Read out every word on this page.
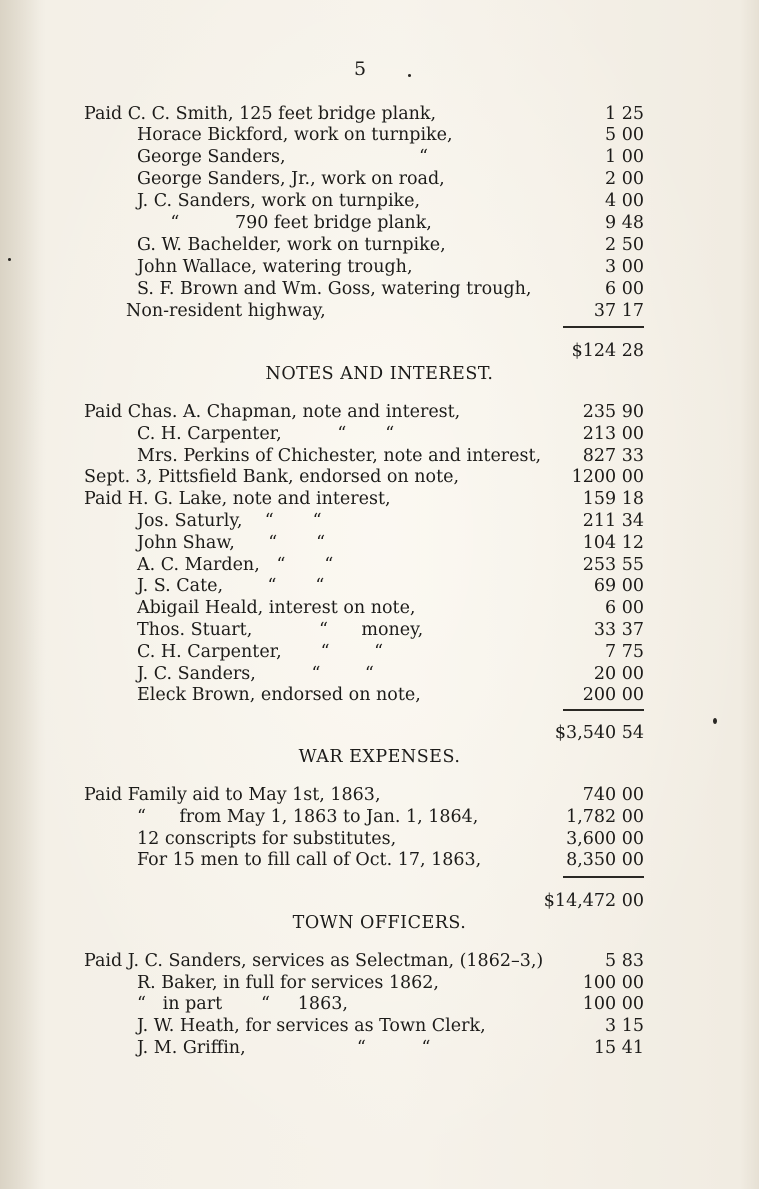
5
Paid C. C. Smith, 125 feet bridge plank,	1 25
Horace Bickford, work on turnpike,	5 00
George Sanders,                        “	1 00
George Sanders, Jr., work on road,	2 00
J. C. Sanders, work on turnpike,	4 00
“          790 feet bridge plank,	9 48
G. W. Bachelder, work on turnpike,	2 50
John Wallace, watering trough,	3 00
S. F. Brown and Wm. Goss, watering trough,	6 00
Non-resident highway,	37 17
$124 28
NOTES AND INTEREST.
Paid Chas. A. Chapman, note and interest,	235 90
C. H. Carpenter,          “       “	213 00
Mrs. Perkins of Chichester, note and interest, 827 33
Sept. 3, Pittsfield Bank, endorsed on note,	1200 00
Paid H. G. Lake, note and interest,	159 18
Jos. Saturly,    “       “	211 34
John Shaw,      “       “	104 12
A. C. Marden,   “       “	253 55
J. S. Cate,        “       “	69 00
Abigail Heald, interest on note,	6 00
Thos. Stuart,            “      money,	33 37
C. H. Carpenter,       “        “	7 75
J. C. Sanders,          “        “	20 00
Eleck Brown, endorsed on note,	200 00
$3,540 54
WAR EXPENSES.
Paid Family aid to May 1st, 1863,	740 00
“      from May 1, 1863 to Jan. 1, 1864,	1,782 00
12 conscripts for substitutes,	3,600 00
For 15 men to fill call of Oct. 17, 1863,	8,350 00
$14,472 00
TOWN OFFICERS.
Paid J. C. Sanders, services as Selectman, (1862–3,)	5 83
R. Baker, in full for services 1862,	100 00
“   in part       “     1863,	100 00
J. W. Heath, for services as Town Clerk,	3 15
J. M. Griffin,                    “          “	15 41
